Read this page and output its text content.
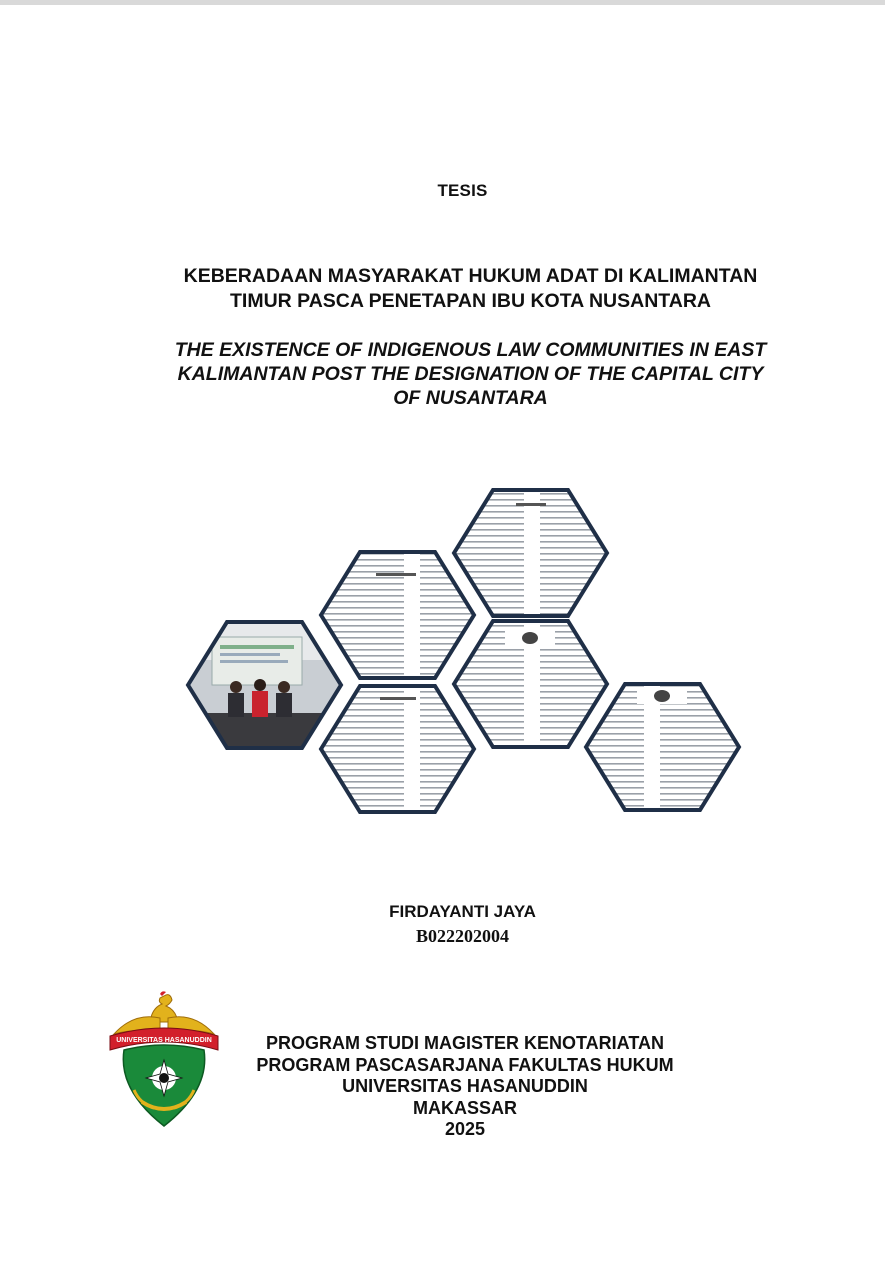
TESIS
KEBERADAAN MASYARAKAT HUKUM ADAT DI KALIMANTAN
TIMUR PASCA PENETAPAN IBU KOTA NUSANTARA
THE EXISTENCE OF INDIGENOUS LAW COMMUNITIES IN EAST
KALIMANTAN POST THE DESIGNATION OF THE CAPITAL CITY
OF NUSANTARA
FIRDAYANTI JAYA
B022202004
UNIVERSITAS HASANUDDIN	PROGRAM STUDI MAGISTER KENOTARIATAN
PROGRAM PASCASARJANA FAKULTAS HUKUM
UNIVERSITAS HASANUDDIN
MAKASSAR
2025
